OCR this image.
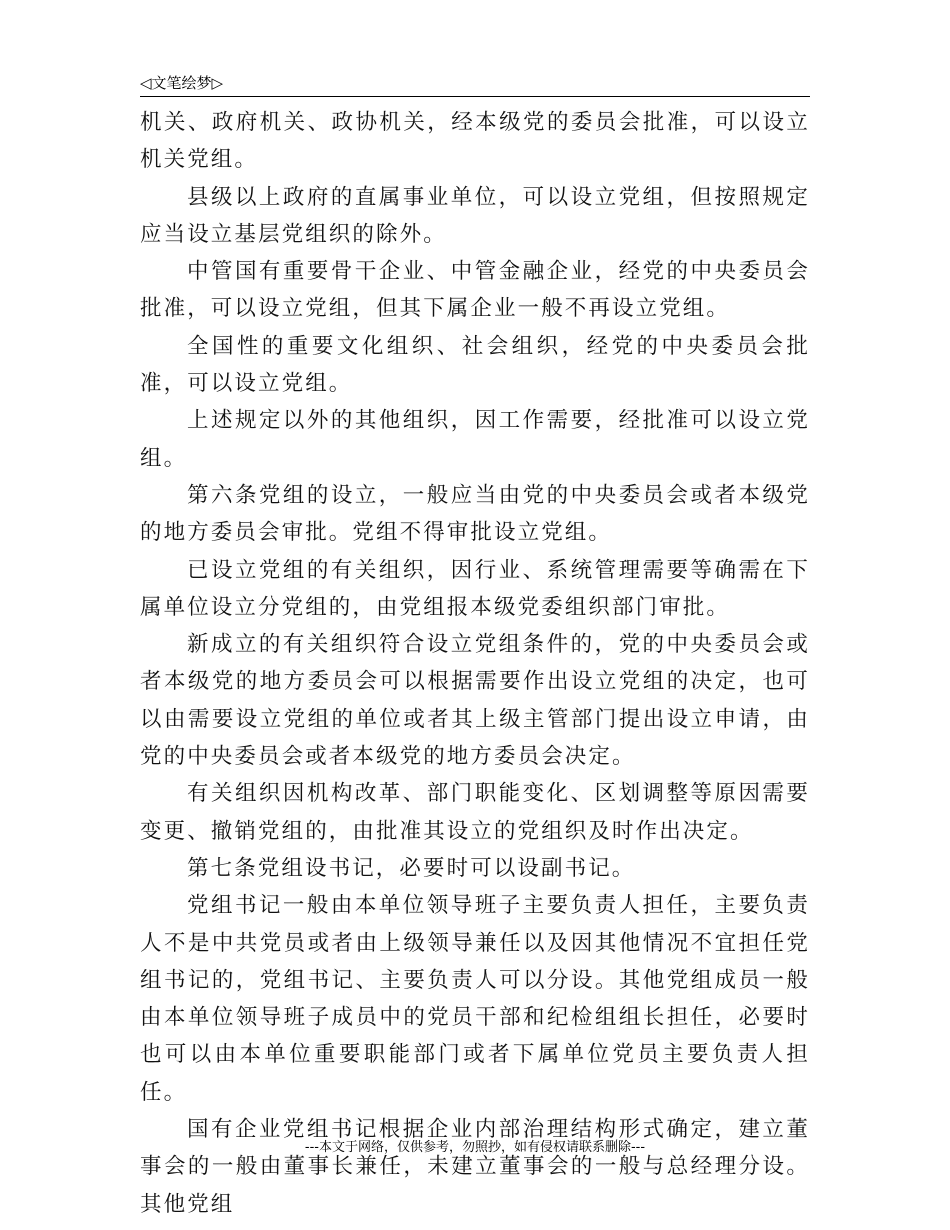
◁文笔绘梦▷

机关、政府机关、政协机关，经本级党的委员会批准，可以设立机关党组。

县级以上政府的直属事业单位，可以设立党组，但按照规定应当设立基层党组织的除外。

中管国有重要骨干企业、中管金融企业，经党的中央委员会批准，可以设立党组，但其下属企业一般不再设立党组。

全国性的重要文化组织、社会组织，经党的中央委员会批准，可以设立党组。

上述规定以外的其他组织，因工作需要，经批准可以设立党组。

第六条党组的设立，一般应当由党的中央委员会或者本级党的地方委员会审批。党组不得审批设立党组。

已设立党组的有关组织，因行业、系统管理需要等确需在下属单位设立分党组的，由党组报本级党委组织部门审批。

新成立的有关组织符合设立党组条件的，党的中央委员会或者本级党的地方委员会可以根据需要作出设立党组的决定，也可以由需要设立党组的单位或者其上级主管部门提出设立申请，由党的中央委员会或者本级党的地方委员会决定。

有关组织因机构改革、部门职能变化、区划调整等原因需要变更、撤销党组的，由批准其设立的党组织及时作出决定。

第七条党组设书记，必要时可以设副书记。

党组书记一般由本单位领导班子主要负责人担任，主要负责人不是中共党员或者由上级领导兼任以及因其他情况不宜担任党组书记的，党组书记、主要负责人可以分设。其他党组成员一般由本单位领导班子成员中的党员干部和纪检组组长担任，必要时也可以由本单位重要职能部门或者下属单位党员主要负责人担任。

国有企业党组书记根据企业内部治理结构形式确定，建立董事会的一般由董事长兼任，未建立董事会的一般与总经理分设。其他党组

---本文于网络，仅供参考，勿照抄，如有侵权请联系删除---
